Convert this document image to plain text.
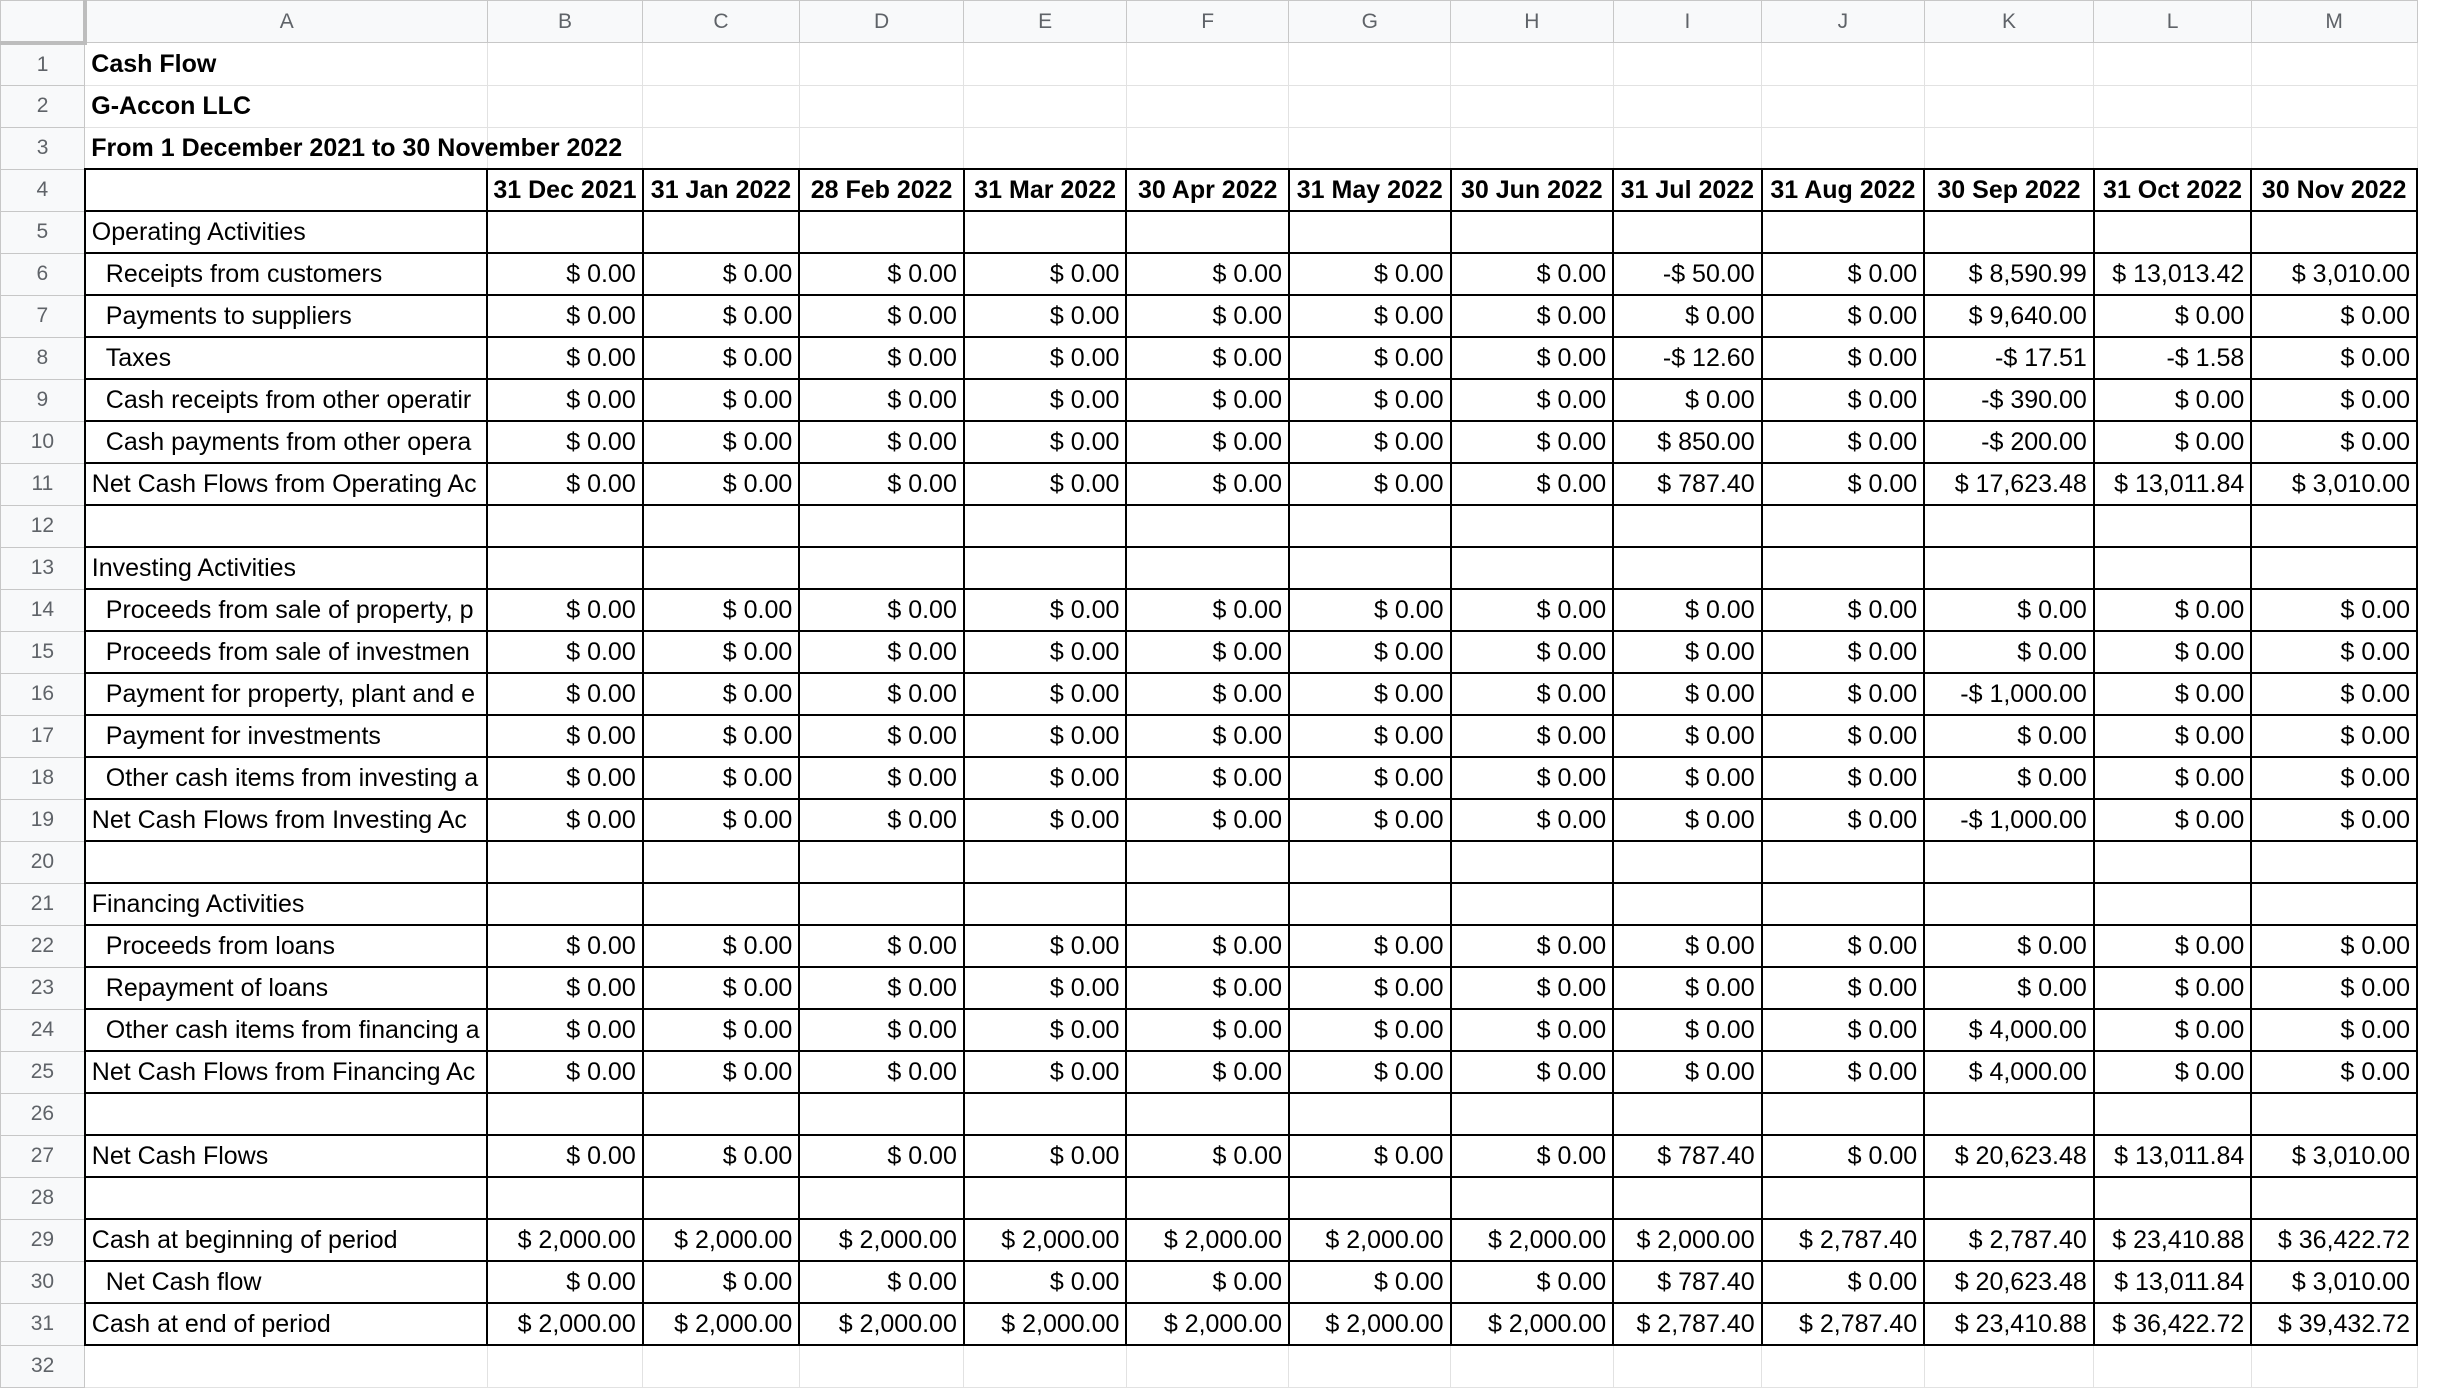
	A	B	C	D	E	F	G	H	I	J	K	L	M
1	Cash Flow												
2	G-Accon LLC												
3	From 1 December 2021 to 30 November 2022												
4		31 Dec 2021	31 Jan 2022	28 Feb 2022	31 Mar 2022	30 Apr 2022	31 May 2022	30 Jun 2022	31 Jul 2022	31 Aug 2022	30 Sep 2022	31 Oct 2022	30 Nov 2022
5	Operating Activities												
6	Receipts from customers	$ 0.00	$ 0.00	$ 0.00	$ 0.00	$ 0.00	$ 0.00	$ 0.00	-$ 50.00	$ 0.00	$ 8,590.99	$ 13,013.42	$ 3,010.00
7	Payments to suppliers	$ 0.00	$ 0.00	$ 0.00	$ 0.00	$ 0.00	$ 0.00	$ 0.00	$ 0.00	$ 0.00	$ 9,640.00	$ 0.00	$ 0.00
8	Taxes	$ 0.00	$ 0.00	$ 0.00	$ 0.00	$ 0.00	$ 0.00	$ 0.00	-$ 12.60	$ 0.00	-$ 17.51	-$ 1.58	$ 0.00
9	Cash receipts from other operatir	$ 0.00	$ 0.00	$ 0.00	$ 0.00	$ 0.00	$ 0.00	$ 0.00	$ 0.00	$ 0.00	-$ 390.00	$ 0.00	$ 0.00
10	Cash payments from other opera	$ 0.00	$ 0.00	$ 0.00	$ 0.00	$ 0.00	$ 0.00	$ 0.00	$ 850.00	$ 0.00	-$ 200.00	$ 0.00	$ 0.00
11	Net Cash Flows from Operating Ac	$ 0.00	$ 0.00	$ 0.00	$ 0.00	$ 0.00	$ 0.00	$ 0.00	$ 787.40	$ 0.00	$ 17,623.48	$ 13,011.84	$ 3,010.00
12													
13	Investing Activities												
14	Proceeds from sale of property, p	$ 0.00	$ 0.00	$ 0.00	$ 0.00	$ 0.00	$ 0.00	$ 0.00	$ 0.00	$ 0.00	$ 0.00	$ 0.00	$ 0.00
15	Proceeds from sale of investmen	$ 0.00	$ 0.00	$ 0.00	$ 0.00	$ 0.00	$ 0.00	$ 0.00	$ 0.00	$ 0.00	$ 0.00	$ 0.00	$ 0.00
16	Payment for property, plant and e	$ 0.00	$ 0.00	$ 0.00	$ 0.00	$ 0.00	$ 0.00	$ 0.00	$ 0.00	$ 0.00	-$ 1,000.00	$ 0.00	$ 0.00
17	Payment for investments	$ 0.00	$ 0.00	$ 0.00	$ 0.00	$ 0.00	$ 0.00	$ 0.00	$ 0.00	$ 0.00	$ 0.00	$ 0.00	$ 0.00
18	Other cash items from investing a	$ 0.00	$ 0.00	$ 0.00	$ 0.00	$ 0.00	$ 0.00	$ 0.00	$ 0.00	$ 0.00	$ 0.00	$ 0.00	$ 0.00
19	Net Cash Flows from Investing Ac	$ 0.00	$ 0.00	$ 0.00	$ 0.00	$ 0.00	$ 0.00	$ 0.00	$ 0.00	$ 0.00	-$ 1,000.00	$ 0.00	$ 0.00
20													
21	Financing Activities												
22	Proceeds from loans	$ 0.00	$ 0.00	$ 0.00	$ 0.00	$ 0.00	$ 0.00	$ 0.00	$ 0.00	$ 0.00	$ 0.00	$ 0.00	$ 0.00
23	Repayment of loans	$ 0.00	$ 0.00	$ 0.00	$ 0.00	$ 0.00	$ 0.00	$ 0.00	$ 0.00	$ 0.00	$ 0.00	$ 0.00	$ 0.00
24	Other cash items from financing a	$ 0.00	$ 0.00	$ 0.00	$ 0.00	$ 0.00	$ 0.00	$ 0.00	$ 0.00	$ 0.00	$ 4,000.00	$ 0.00	$ 0.00
25	Net Cash Flows from Financing Ac	$ 0.00	$ 0.00	$ 0.00	$ 0.00	$ 0.00	$ 0.00	$ 0.00	$ 0.00	$ 0.00	$ 4,000.00	$ 0.00	$ 0.00
26													
27	Net Cash Flows	$ 0.00	$ 0.00	$ 0.00	$ 0.00	$ 0.00	$ 0.00	$ 0.00	$ 787.40	$ 0.00	$ 20,623.48	$ 13,011.84	$ 3,010.00
28													
29	Cash at beginning of period	$ 2,000.00	$ 2,000.00	$ 2,000.00	$ 2,000.00	$ 2,000.00	$ 2,000.00	$ 2,000.00	$ 2,000.00	$ 2,787.40	$ 2,787.40	$ 23,410.88	$ 36,422.72
30	Net Cash flow	$ 0.00	$ 0.00	$ 0.00	$ 0.00	$ 0.00	$ 0.00	$ 0.00	$ 787.40	$ 0.00	$ 20,623.48	$ 13,011.84	$ 3,010.00
31	Cash at end of period	$ 2,000.00	$ 2,000.00	$ 2,000.00	$ 2,000.00	$ 2,000.00	$ 2,000.00	$ 2,000.00	$ 2,787.40	$ 2,787.40	$ 23,410.88	$ 36,422.72	$ 39,432.72
32													
